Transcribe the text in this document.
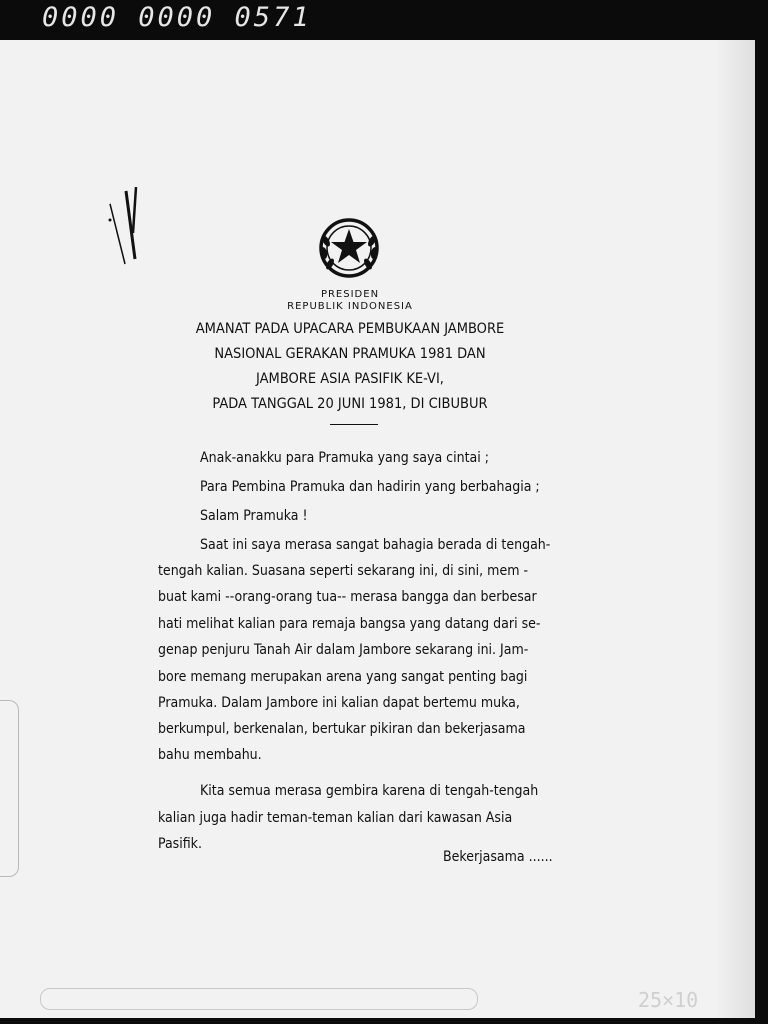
0000 0000 0571
25×10
PRESIDEN
REPUBLIK INDONESIA
AMANAT PADA UPACARA PEMBUKAAN JAMBORE
NASIONAL GERAKAN PRAMUKA 1981 DAN
JAMBORE ASIA PASIFIK KE-VI,
PADA TANGGAL 20 JUNI 1981, DI CIBUBUR
Anak-anakku para Pramuka yang saya cintai ;
Para Pembina Pramuka dan hadirin yang berbahagia ;
Salam Pramuka !
Saat ini saya merasa sangat bahagia berada di tengah-
tengah kalian. Suasana seperti sekarang ini, di sini, mem -
buat kami --orang-orang tua-- merasa bangga dan berbesar
hati melihat kalian para remaja bangsa yang datang dari se-
genap penjuru Tanah Air dalam Jambore sekarang ini. Jam-
bore memang merupakan arena yang sangat penting bagi
Pramuka. Dalam Jambore ini kalian dapat bertemu muka,
berkumpul, berkenalan, bertukar pikiran dan bekerjasama
bahu membahu.
Kita semua merasa gembira karena di tengah-tengah
kalian juga hadir teman-teman kalian dari kawasan Asia
Pasifik.
Bekerjasama ......
